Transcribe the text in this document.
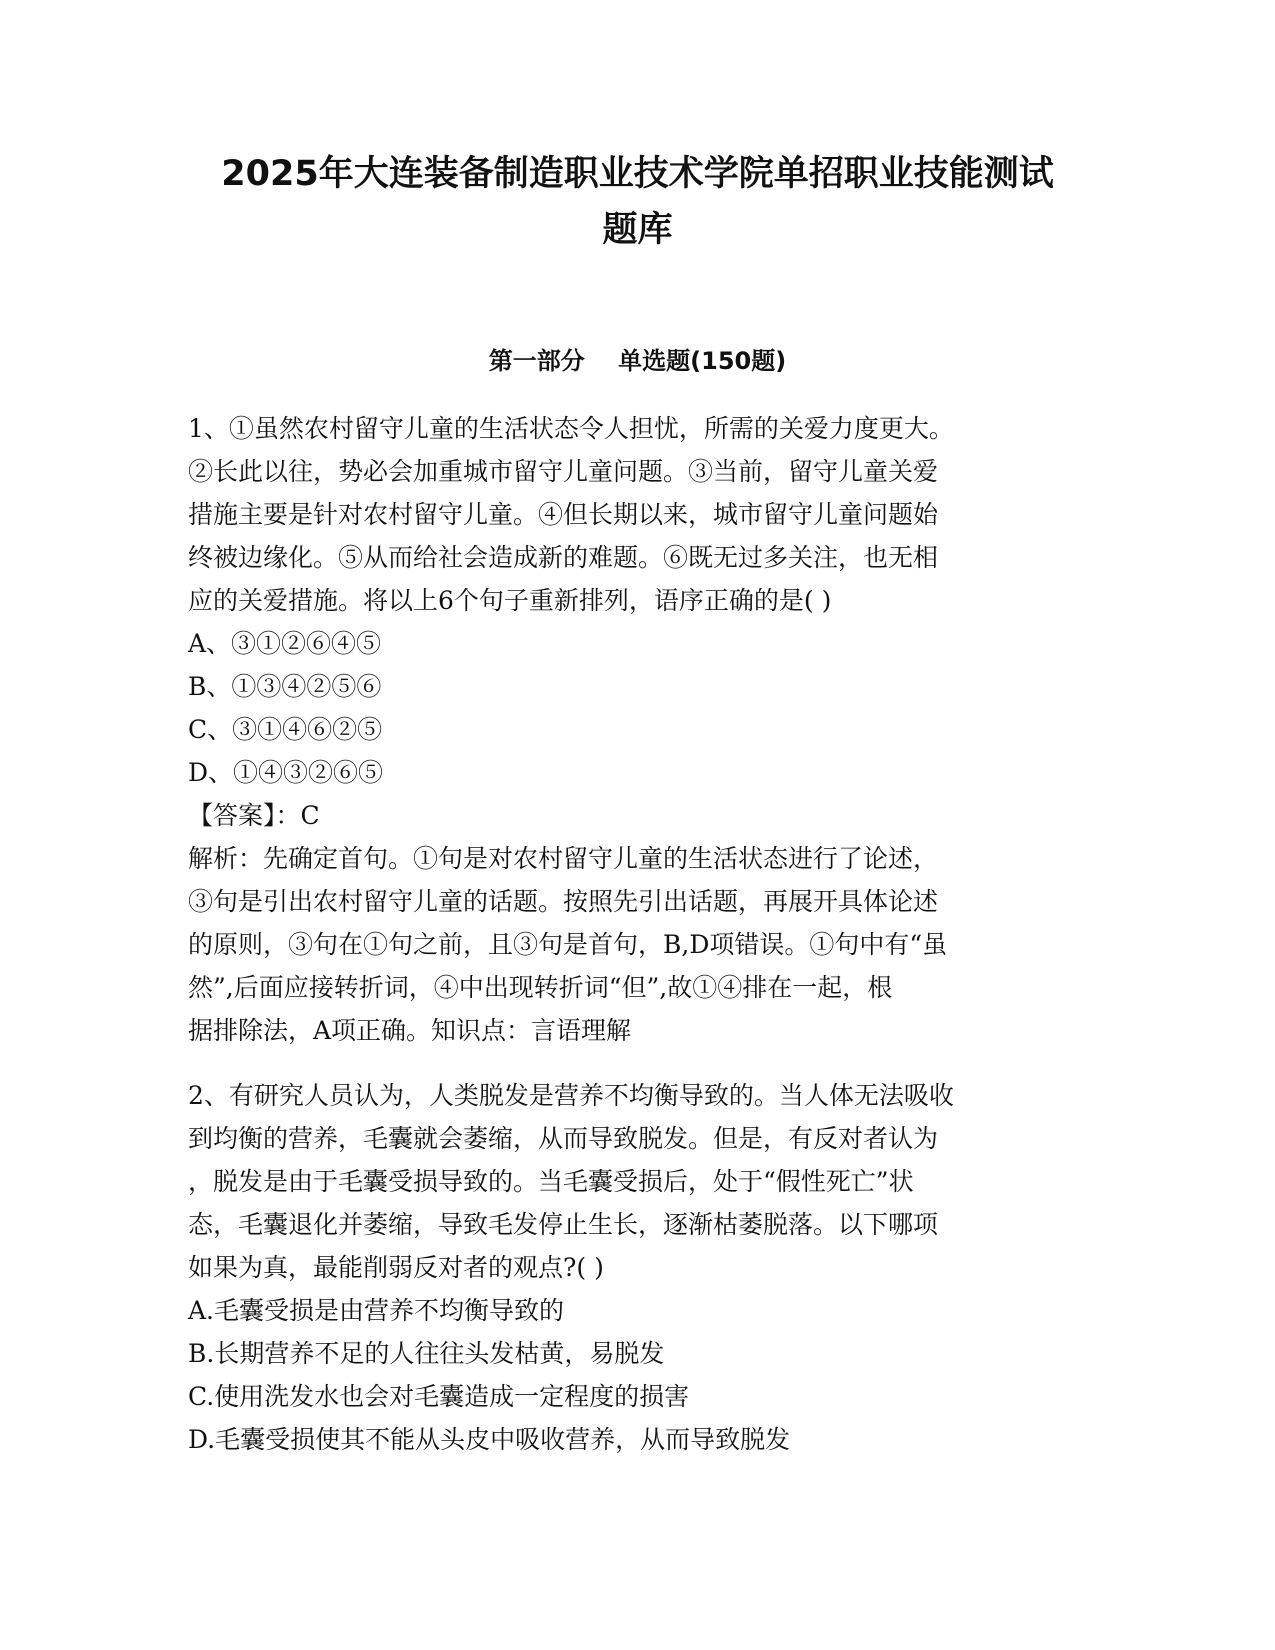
2025年大连装备制造职业技术学院单招职业技能测试
题库
第一部分    单选题(150题)
1、①虽然农村留守儿童的生活状态令人担忧，所需的关爱力度更大。
②长此以往，势必会加重城市留守儿童问题。③当前，留守儿童关爱
措施主要是针对农村留守儿童。④但长期以来，城市留守儿童问题始
终被边缘化。⑤从而给社会造成新的难题。⑥既无过多关注，也无相
应的关爱措施。将以上6个句子重新排列，语序正确的是( )
A、③①②⑥④⑤
B、①③④②⑤⑥
C、③①④⑥②⑤
D、①④③②⑥⑤
【答案】：C
解析：先确定首句。①句是对农村留守儿童的生活状态进行了论述，
③句是引出农村留守儿童的话题。按照先引出话题，再展开具体论述
的原则，③句在①句之前，且③句是首句，B,D项错误。①句中有“虽
然”,后面应接转折词，④中出现转折词“但”,故①④排在一起，根
据排除法，A项正确。知识点：言语理解
2、有研究人员认为，人类脱发是营养不均衡导致的。当人体无法吸收
到均衡的营养，毛囊就会萎缩，从而导致脱发。但是，有反对者认为
，脱发是由于毛囊受损导致的。当毛囊受损后，处于“假性死亡”状
态，毛囊退化并萎缩，导致毛发停止生长，逐渐枯萎脱落。以下哪项
如果为真，最能削弱反对者的观点?( )
A.毛囊受损是由营养不均衡导致的
B.长期营养不足的人往往头发枯黄，易脱发
C.使用洗发水也会对毛囊造成一定程度的损害
D.毛囊受损使其不能从头皮中吸收营养，从而导致脱发
